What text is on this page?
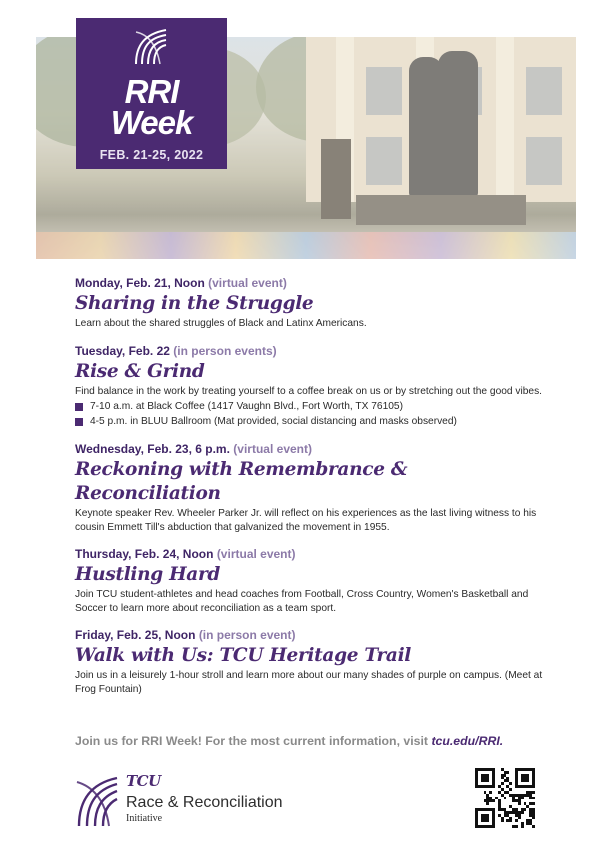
RRI
Week
FEB. 21-25, 2022
Monday, Feb. 21, Noon (virtual event)
Sharing in the Struggle
Learn about the shared struggles of Black and Latinx Americans.
Tuesday, Feb. 22 (in person events)
Rise & Grind
Find balance in the work by treating yourself to a coffee break on us or by stretching out the good vibes.
7-10 a.m. at Black Coffee (1417 Vaughn Blvd., Fort Worth, TX 76105)
4-5 p.m. in BLUU Ballroom (Mat provided, social distancing and masks observed)
Wednesday, Feb. 23, 6 p.m. (virtual event)
Reckoning with Remembrance & Reconciliation
Keynote speaker Rev. Wheeler Parker Jr. will reflect on his experiences as the last living witness to his cousin Emmett Till's abduction that galvanized the movement in 1955.
Thursday, Feb. 24, Noon (virtual event)
Hustling Hard
Join TCU student-athletes and head coaches from Football, Cross Country, Women's Basketball and Soccer to learn more about reconciliation as a team sport.
Friday, Feb. 25, Noon (in person event)
Walk with Us: TCU Heritage Trail
Join us in a leisurely 1-hour stroll and learn more about our many shades of purple on campus. (Meet at Frog Fountain)
Join us for RRI Week! For the most current information, visit tcu.edu/RRI.
TCU
Race & Reconciliation
Initiative
